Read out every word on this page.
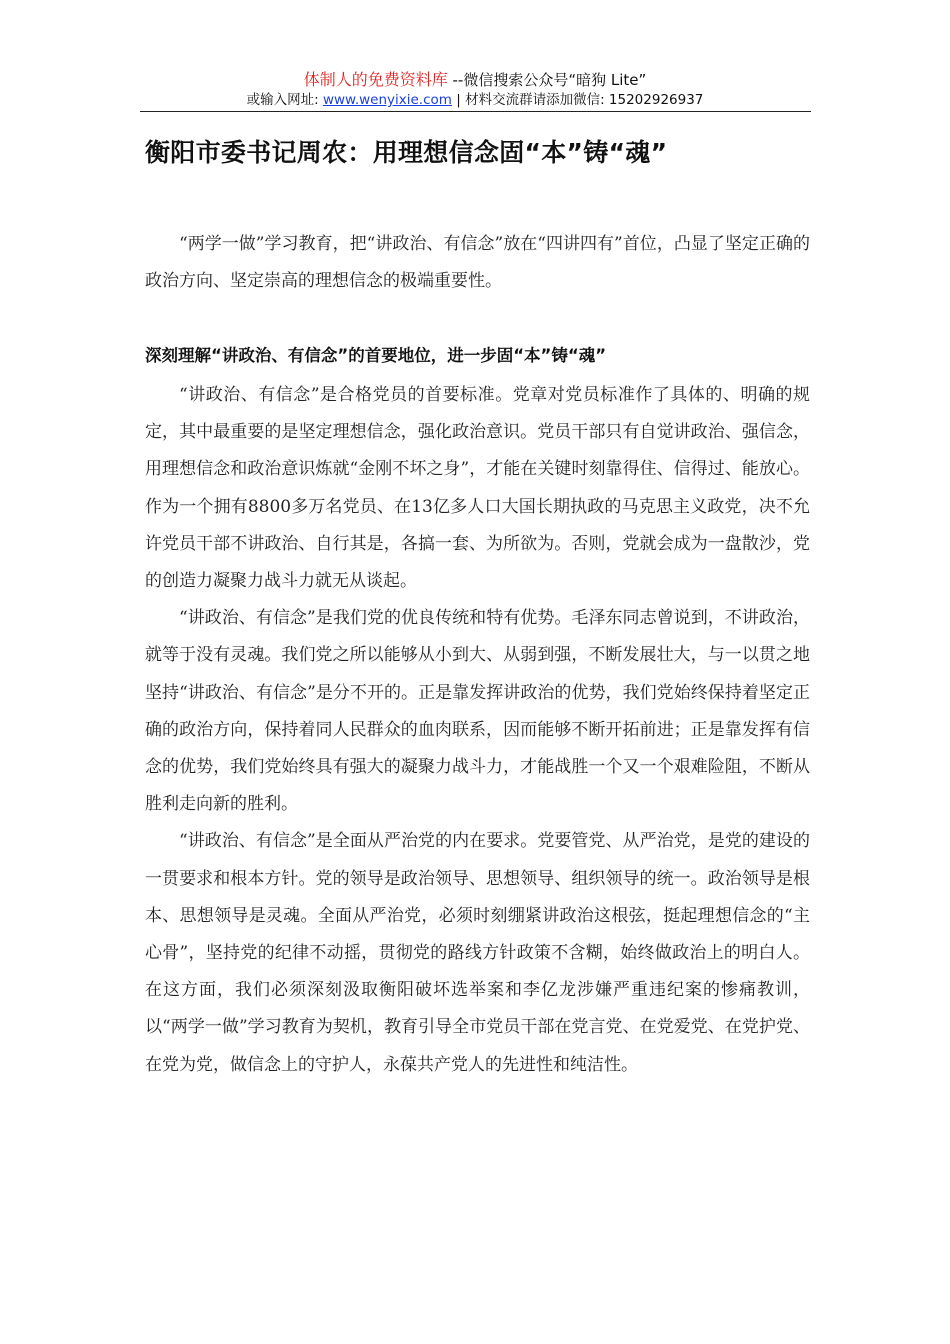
体制人的免费资料库 --微信搜索公众号“暗狗 Lite”
或输入网址: www.wenyixie.com | 材料交流群请添加微信: 15202926937
衡阳市委书记周农：用理想信念固“本”铸“魂”

“两学一做”学习教育，把“讲政治、有信念”放在“四讲四有”首位，凸显了坚定正确的政治方向、坚定崇高的理想信念的极端重要性。

深刻理解“讲政治、有信念”的首要地位，进一步固“本”铸“魂”

“讲政治、有信念”是合格党员的首要标准。党章对党员标准作了具体的、明确的规定，其中最重要的是坚定理想信念，强化政治意识。党员干部只有自觉讲政治、强信念，用理想信念和政治意识炼就“金刚不坏之身”，才能在关键时刻靠得住、信得过、能放心。作为一个拥有8800多万名党员、在13亿多人口大国长期执政的马克思主义政党，决不允许党员干部不讲政治、自行其是，各搞一套、为所欲为。否则，党就会成为一盘散沙，党的创造力凝聚力战斗力就无从谈起。

“讲政治、有信念”是我们党的优良传统和特有优势。毛泽东同志曾说到，不讲政治，就等于没有灵魂。我们党之所以能够从小到大、从弱到强，不断发展壮大，与一以贯之地坚持“讲政治、有信念”是分不开的。正是靠发挥讲政治的优势，我们党始终保持着坚定正确的政治方向，保持着同人民群众的血肉联系，因而能够不断开拓前进；正是靠发挥有信念的优势，我们党始终具有强大的凝聚力战斗力，才能战胜一个又一个艰难险阻，不断从胜利走向新的胜利。

“讲政治、有信念”是全面从严治党的内在要求。党要管党、从严治党，是党的建设的一贯要求和根本方针。党的领导是政治领导、思想领导、组织领导的统一。政治领导是根本、思想领导是灵魂。全面从严治党，必须时刻绷紧讲政治这根弦，挺起理想信念的“主心骨”，坚持党的纪律不动摇，贯彻党的路线方针政策不含糊，始终做政治上的明白人。在这方面，我们必须深刻汲取衡阳破坏选举案和李亿龙涉嫌严重违纪案的惨痛教训，以“两学一做”学习教育为契机，教育引导全市党员干部在党言党、在党爱党、在党护党、在党为党，做信念上的守护人，永葆共产党人的先进性和纯洁性。
